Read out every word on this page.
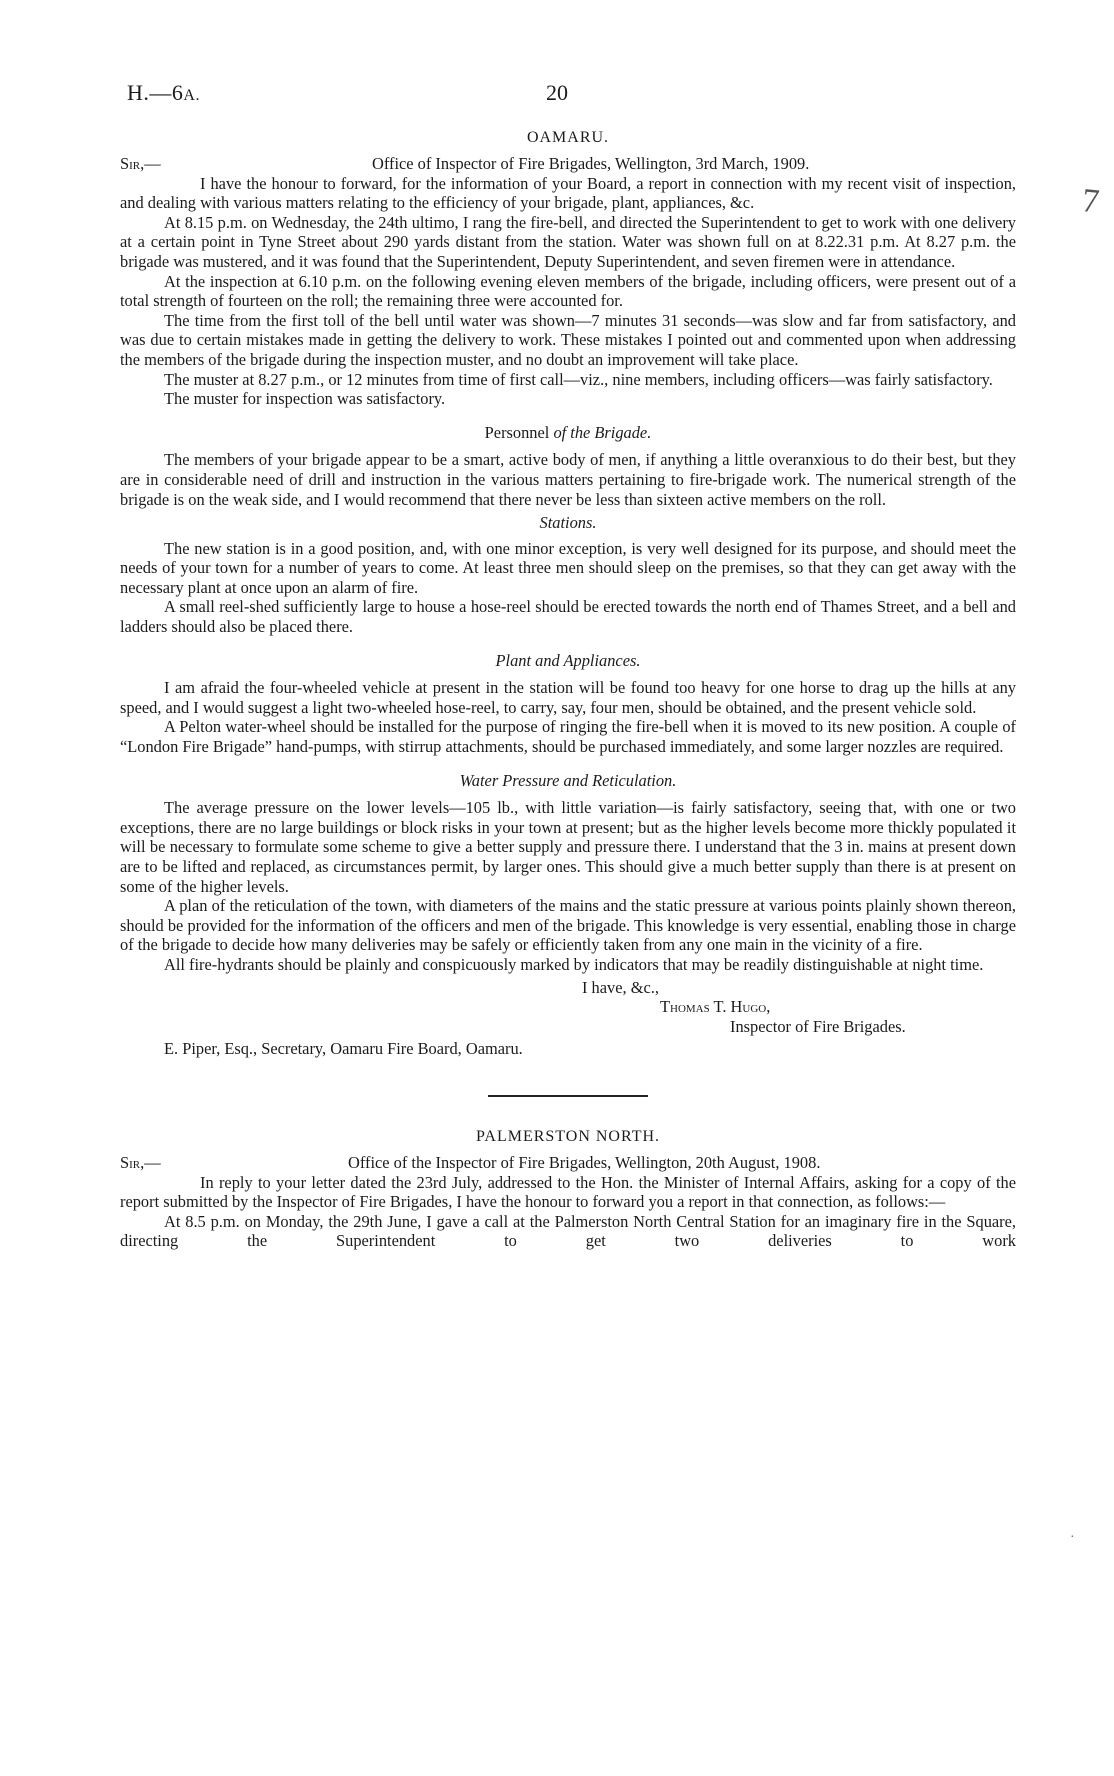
H.—6A.	20
7
·
OAMARU.
Sir,—	Office of Inspector of Fire Brigades, Wellington, 3rd March, 1909.

I have the honour to forward, for the information of your Board, a report in connection with my recent visit of inspection, and dealing with various matters relating to the efficiency of your brigade, plant, appliances, &c.

At 8.15 p.m. on Wednesday, the 24th ultimo, I rang the fire-bell, and directed the Superintendent to get to work with one delivery at a certain point in Tyne Street about 290 yards distant from the station. Water was shown full on at 8.22.31 p.m. At 8.27 p.m. the brigade was mustered, and it was found that the Superintendent, Deputy Superintendent, and seven firemen were in attendance.

At the inspection at 6.10 p.m. on the following evening eleven members of the brigade, including officers, were present out of a total strength of fourteen on the roll; the remaining three were accounted for.

The time from the first toll of the bell until water was shown—7 minutes 31 seconds—was slow and far from satisfactory, and was due to certain mistakes made in getting the delivery to work. These mistakes I pointed out and commented upon when addressing the members of the brigade during the inspection muster, and no doubt an improvement will take place.

The muster at 8.27 p.m., or 12 minutes from time of first call—viz., nine members, including officers—was fairly satisfactory.

The muster for inspection was satisfactory.

Personnel of the Brigade.

The members of your brigade appear to be a smart, active body of men, if anything a little overanxious to do their best, but they are in considerable need of drill and instruction in the various matters pertaining to fire-brigade work. The numerical strength of the brigade is on the weak side, and I would recommend that there never be less than sixteen active members on the roll.

Stations.

The new station is in a good position, and, with one minor exception, is very well designed for its purpose, and should meet the needs of your town for a number of years to come. At least three men should sleep on the premises, so that they can get away with the necessary plant at once upon an alarm of fire.

A small reel-shed sufficiently large to house a hose-reel should be erected towards the north end of Thames Street, and a bell and ladders should also be placed there.

Plant and Appliances.

I am afraid the four-wheeled vehicle at present in the station will be found too heavy for one horse to drag up the hills at any speed, and I would suggest a light two-wheeled hose-reel, to carry, say, four men, should be obtained, and the present vehicle sold.

A Pelton water-wheel should be installed for the purpose of ringing the fire-bell when it is moved to its new position. A couple of “London Fire Brigade” hand-pumps, with stirrup attachments, should be purchased immediately, and some larger nozzles are required.

Water Pressure and Reticulation.

The average pressure on the lower levels—105 lb., with little variation—is fairly satisfactory, seeing that, with one or two exceptions, there are no large buildings or block risks in your town at present; but as the higher levels become more thickly populated it will be necessary to formulate some scheme to give a better supply and pressure there. I understand that the 3 in. mains at present down are to be lifted and replaced, as circumstances permit, by larger ones. This should give a much better supply than there is at present on some of the higher levels.

A plan of the reticulation of the town, with diameters of the mains and the static pressure at various points plainly shown thereon, should be provided for the information of the officers and men of the brigade. This knowledge is very essential, enabling those in charge of the brigade to decide how many deliveries may be safely or efficiently taken from any one main in the vicinity of a fire.

All fire-hydrants should be plainly and conspicuously marked by indicators that may be readily distinguishable at night time.

I have, &c.,
Thomas T. Hugo,
Inspector of Fire Brigades.
E. Piper, Esq., Secretary, Oamaru Fire Board, Oamaru.
PALMERSTON NORTH.
Sir,—	Office of the Inspector of Fire Brigades, Wellington, 20th August, 1908.

In reply to your letter dated the 23rd July, addressed to the Hon. the Minister of Internal Affairs, asking for a copy of the report submitted by the Inspector of Fire Brigades, I have the honour to forward you a report in that connection, as follows:—

At 8.5 p.m. on Monday, the 29th June, I gave a call at the Palmerston North Central Station for an imaginary fire in the Square, directing the Superintendent to get two deliveries to work
